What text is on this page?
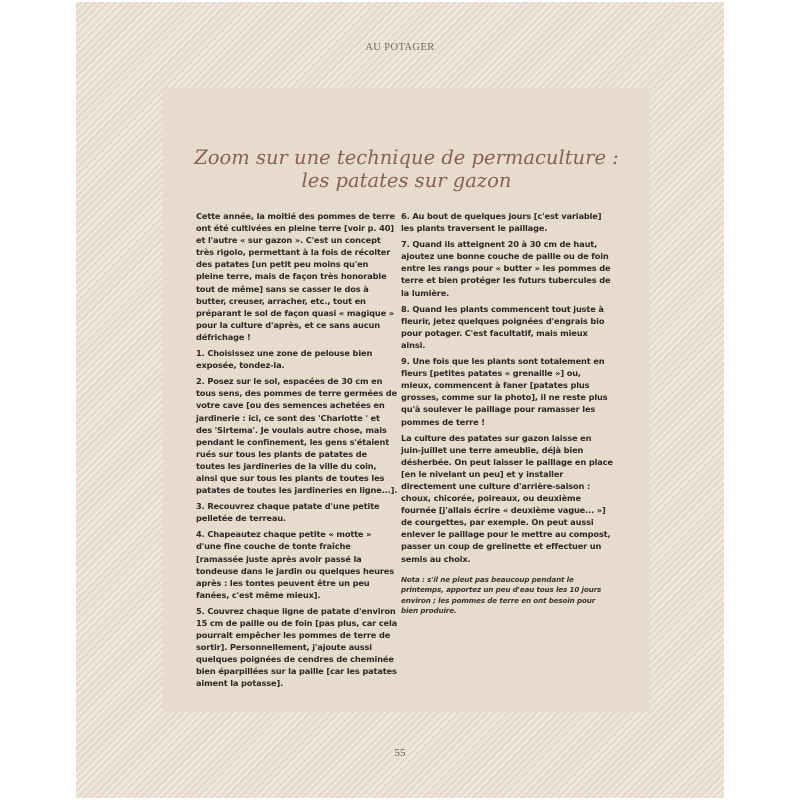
AU POTAGER
Zoom sur une technique de permaculture :
les patates sur gazon

Cette année, la moitié des pommes de terre ont été cultivées en pleine terre [voir p. 40] et l'autre « sur gazon ». C'est un concept très rigolo, permettant à la fois de récolter des patates [un petit peu moins qu'en pleine terre, mais de façon très honorable tout de même] sans se casser le dos à butter, creuser, arracher, etc., tout en préparant le sol de façon quasi « magique » pour la culture d'après, et ce sans aucun défrichage !

1. Choisissez une zone de pelouse bien exposée, tondez-la.

2. Posez sur le sol, espacées de 30 cm en tous sens, des pommes de terre germées de votre cave [ou des semences achetées en jardinerie : ici, ce sont des 'Charlotte ' et des 'Sirtema'. Je voulais autre chose, mais pendant le confinement, les gens s'étaient rués sur tous les plants de patates de toutes les jardineries de la ville du coin, ainsi que sur tous les plants de toutes les patates de toutes les jardineries en ligne...].

3. Recouvrez chaque patate d'une petite pelletée de terreau.

4. Chapeautez chaque petite « motte » d'une fine couche de tonte fraîche [ramassée juste après avoir passé la tondeuse dans le jardin ou quelques heures après : les tontes peuvent être un peu fanées, c'est même mieux].

5. Couvrez chaque ligne de patate d'environ 15 cm de paille ou de foin [pas plus, car cela pourrait empêcher les pommes de terre de sortir]. Personnellement, j'ajoute aussi quelques poignées de cendres de cheminée bien éparpillées sur la paille [car les patates aiment la potasse].

6. Au bout de quelques jours [c'est variable] les plants traversent le paillage.

7. Quand ils atteignent 20 à 30 cm de haut, ajoutez une bonne couche de paille ou de foin entre les rangs pour « butter » les pommes de terre et bien protéger les futurs tubercules de la lumière.

8. Quand les plants commencent tout juste à fleurir, jetez quelques poignées d'engrais bio pour potager. C'est facultatif, mais mieux ainsi.

9. Une fois que les plants sont totalement en fleurs [petites patates « grenaille »] ou, mieux, commencent à faner [patates plus grosses, comme sur la photo], il ne reste plus qu'à soulever le paillage pour ramasser les pommes de terre !

La culture des patates sur gazon laisse en juin-juillet une terre ameublie, déjà bien désherbée. On peut laisser le paillage en place [en le nivelant un peu] et y installer directement une culture d'arrière-saison : choux, chicorée, poireaux, ou deuxième fournée [j'allais écrire « deuxième vague... »] de courgettes, par exemple. On peut aussi enlever le paillage pour le mettre au compost, passer un coup de grelinette et effectuer un semis au choix.

Nota : s'il ne pleut pas beaucoup pendant le printemps, apportez un peu d'eau tous les 10 jours environ ; les pommes de terre en ont besoin pour bien produire.

55
